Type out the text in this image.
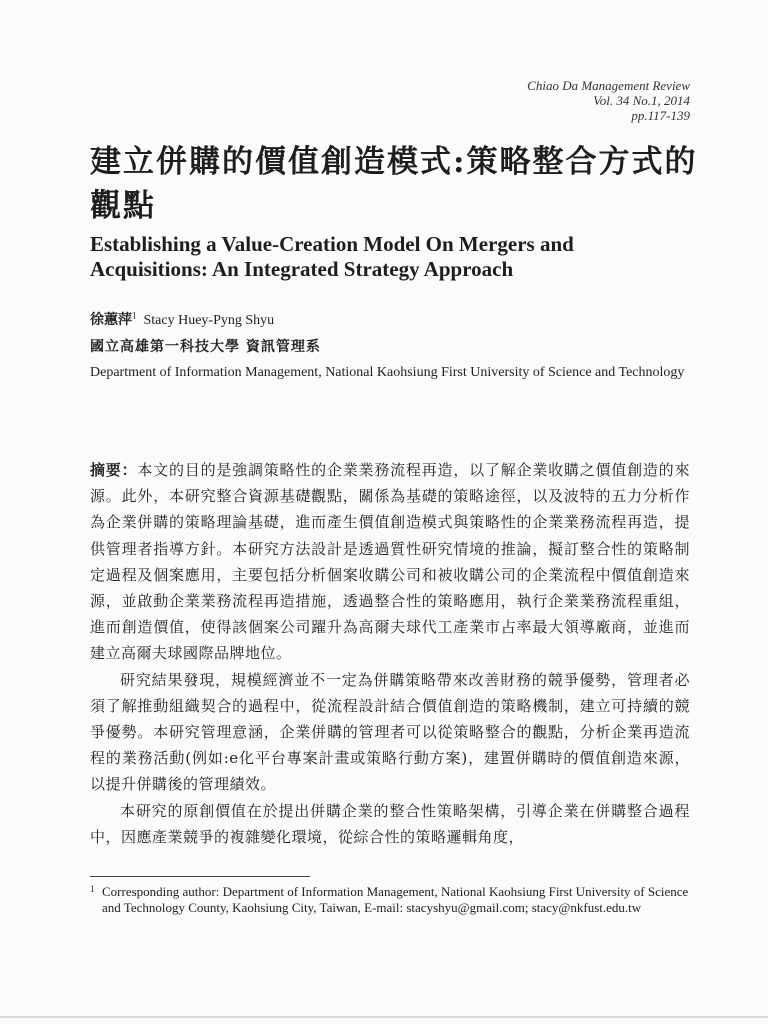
Chiao Da Management Review
Vol. 34 No.1, 2014
pp.117-139
建立併購的價值創造模式:策略整合方式的觀點
Establishing a Value-Creation Model On Mergers and Acquisitions: An Integrated Strategy Approach
徐蕙萍$^1$ Stacy Huey-Pyng Shyu
國立高雄第一科技大學 資訊管理系
Department of Information Management, National Kaohsiung First University of Science and Technology

摘要：本文的目的是強調策略性的企業業務流程再造，以了解企業收購之價值創造的來源。此外，本研究整合資源基礎觀點，關係為基礎的策略途徑，以及波特的五力分析作為企業併購的策略理論基礎，進而產生價值創造模式與策略性的企業業務流程再造，提供管理者指導方針。本研究方法設計是透過質性研究情境的推論，擬訂整合性的策略制定過程及個案應用，主要包括分析個案收購公司和被收購公司的企業流程中價值創造來源，並啟動企業業務流程再造措施，透過整合性的策略應用，執行企業業務流程重組，進而創造價值，使得該個案公司躍升為高爾夫球代工產業市占率最大領導廠商，並進而建立高爾夫球國際品牌地位。

研究結果發現，規模經濟並不一定為併購策略帶來改善財務的競爭優勢，管理者必須了解推動組織契合的過程中，從流程設計結合價值創造的策略機制，建立可持續的競爭優勢。本研究管理意涵，企業併購的管理者可以從策略整合的觀點，分析企業再造流程的業務活動(例如:e化平台專案計畫或策略行動方案)，建置併購時的價值創造來源，以提升併購後的管理績效。

本研究的原創價值在於提出併購企業的整合性策略架構，引導企業在併購整合過程中，因應產業競爭的複雜變化環境，從綜合性的策略邏輯角度，

1 Corresponding author: Department of Information Management, National Kaohsiung First University of Science and Technology County, Kaohsiung City, Taiwan, E-mail: stacyshyu@gmail.com; stacy@nkfust.edu.tw
